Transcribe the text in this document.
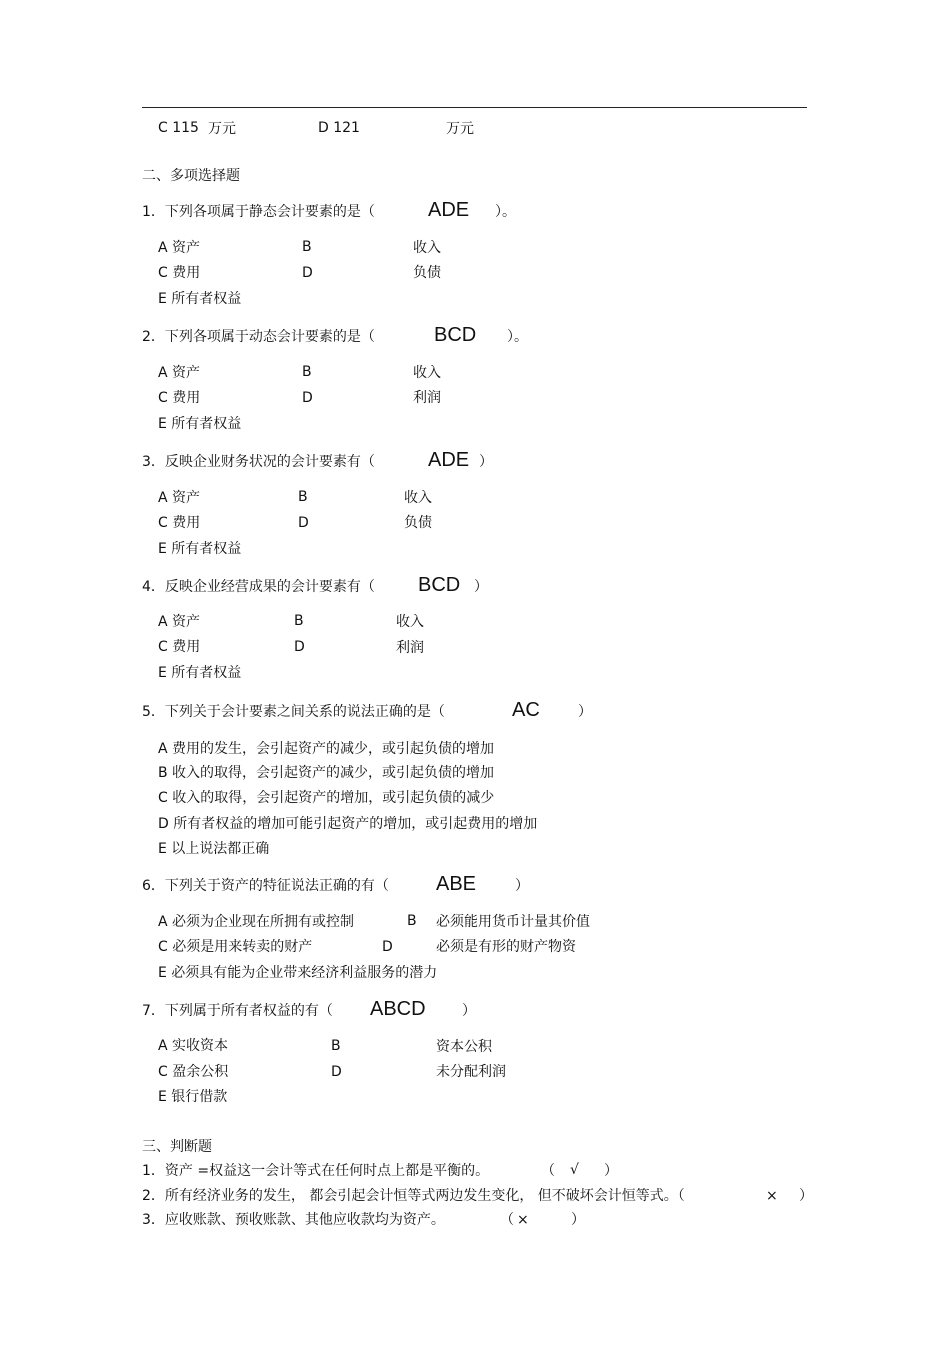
C 115 万元	D 121	万元
二、多项选择题
1．下列各项属于静态会计要素的是（	ADE ）。
A 资产	B	收入
C 费用	D	负债
E 所有者权益
2．下列各项属于动态会计要素的是（	BCD ）。
A 资产	B	收入
C 费用	D	利润
E 所有者权益
3．反映企业财务状况的会计要素有（	ADE ）
A 资产	B	收入
C 费用	D	负债
E 所有者权益
4．反映企业经营成果的会计要素有（ BCD ）
A 资产	B	收入
C 费用	D	利润
E 所有者权益
5．下列关于会计要素之间关系的说法正确的是（	AC	）
A 费用的发生，会引起资产的减少，或引起负债的增加
B 收入的取得，会引起资产的减少，或引起负债的增加
C 收入的取得，会引起资产的增加，或引起负债的减少
D 所有者权益的增加可能引起资产的增加，或引起费用的增加
E 以上说法都正确
6．下列关于资产的特征说法正确的有（ ABE	）
A 必须为企业现在所拥有或控制	B 必须能用货币计量其价值
C 必须是用来转卖的财产	D	必须是有形的财产物资
E 必须具有能为企业带来经济利益服务的潜力
7．下列属于所有者权益的有（ ABCD	）
A 实收资本	B	资本公积
C 盈余公积	D	未分配利润
E 银行借款
三、判断题
1．资产 =权益这一会计等式在任何时点上都是平衡的。	（ √ ）
2．所有经济业务的发生， 都会引起会计恒等式两边发生变化， 但不破坏会计恒等式。（	× ）
3．应收账款、预收账款、其他应收款均为资产。	（ ×	）
